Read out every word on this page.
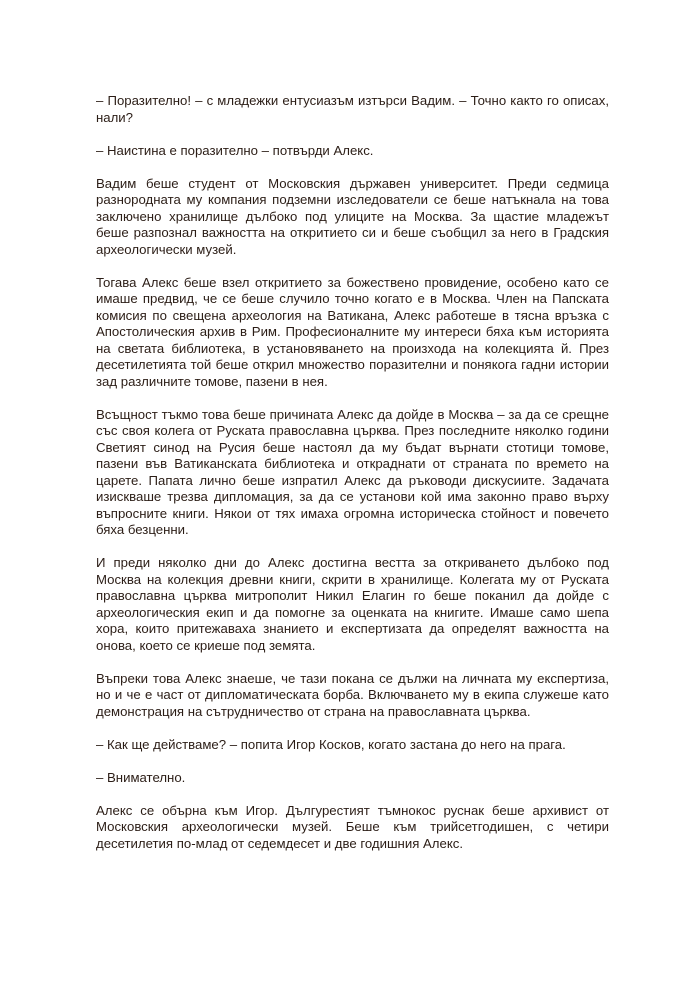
– Поразително! – с младежки ентусиазъм изтърси Вадим. – Точно както го описах, нали?

– Наистина е поразително – потвърди Алекс.

Вадим беше студент от Московския държавен университет. Преди седмица разнородната му компания подземни изследователи се беше натъкнала на това заключено хранилище дълбоко под улиците на Москва. За щастие младежът беше разпознал важността на откритието си и беше съобщил за него в Градския археологически музей.

Тогава Алекс беше взел откритието за божествено провидение, особено като се имаше предвид, че се беше случило точно когато е в Москва. Член на Папската комисия по свещена археология на Ватикана, Алекс работеше в тясна връзка с Апостолическия архив в Рим. Професионалните му интереси бяха към историята на светата библиотека, в установяването на произхода на колекцията й. През десетилетията той беше открил множество поразителни и понякога гадни истории зад различните томове, пазени в нея.

Всъщност тъкмо това беше причината Алекс да дойде в Москва – за да се срещне със своя колега от Руската православна църква. През последните няколко години Светият синод на Русия беше настоял да му бъдат върнати стотици томове, пазени във Ватиканската библиотека и откраднати от страната по времето на царете. Папата лично беше изпратил Алекс да ръководи дискусиите. Задачата изискваше трезва дипломация, за да се установи кой има законно право върху въпросните книги. Някои от тях имаха огромна историческа стойност и повечето бяха безценни.

И преди няколко дни до Алекс достигна вестта за откриването дълбоко под Москва на колекция древни книги, скрити в хранилище. Колегата му от Руската православна църква митрополит Никил Елагин го беше поканил да дойде с археологическия екип и да помогне за оценката на книгите. Имаше само шепа хора, които притежаваха знанието и експертизата да определят важността на онова, което се криеше под земята.

Въпреки това Алекс знаеше, че тази покана се дължи на личната му експертиза, но и че е част от дипломатическата борба. Включването му в екипа служеше като демонстрация на сътрудничество от страна на православната църква.

– Как ще действаме? – попита Игор Косков, когато застана до него на прага.

– Внимателно.

Алекс се обърна към Игор. Дългурестият тъмнокос руснак беше архивист от Московския археологически музей. Беше към трийсетгодишен, с четири десетилетия по-млад от седемдесет и две годишния Алекс.
